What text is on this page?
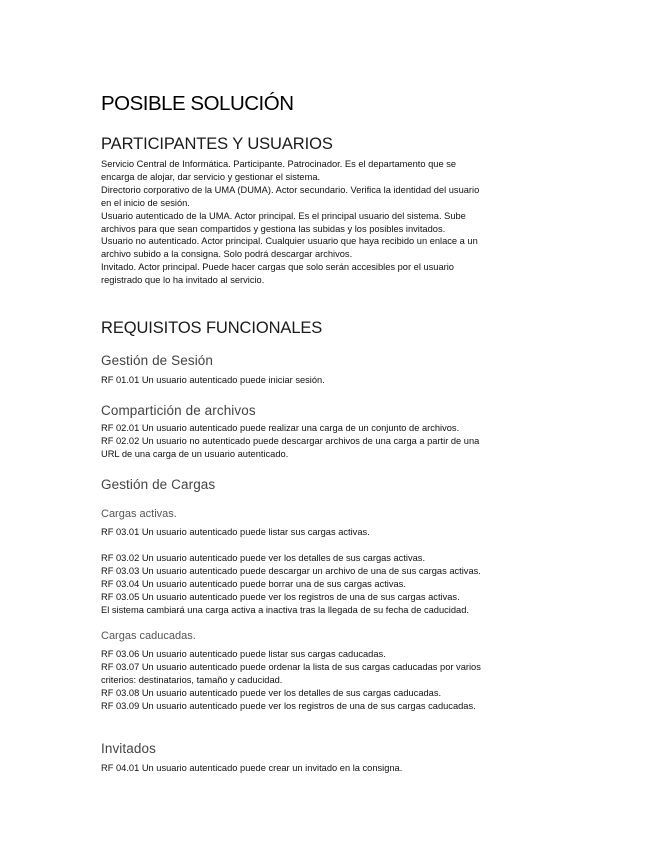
POSIBLE SOLUCIÓN
PARTICIPANTES Y USUARIOS
Servicio Central de Informática. Participante. Patrocinador. Es el departamento que se
encarga de alojar, dar servicio y gestionar el sistema.
Directorio corporativo de la UMA (DUMA). Actor secundario. Verifica la identidad del usuario
en el inicio de sesión.
Usuario autenticado de la UMA. Actor principal. Es el principal usuario del sistema. Sube
archivos para que sean compartidos y gestiona las subidas y los posibles invitados.
Usuario no autenticado. Actor principal. Cualquier usuario que haya recibido un enlace a un
archivo subido a la consigna. Solo podrá descargar archivos.
Invitado. Actor principal. Puede hacer cargas que solo serán accesibles por el usuario
registrado que lo ha invitado al servicio.
REQUISITOS FUNCIONALES
Gestión de Sesión
RF 01.01 Un usuario autenticado puede iniciar sesión.
Compartición de archivos
RF 02.01 Un usuario autenticado puede realizar una carga de un conjunto de archivos.
RF 02.02 Un usuario no autenticado puede descargar archivos de una carga a partir de una
URL de una carga de un usuario autenticado.
Gestión de Cargas
Cargas activas.
RF 03.01 Un usuario autenticado puede listar sus cargas activas.
RF 03.02 Un usuario autenticado puede ver los detalles de sus cargas activas.
RF 03.03 Un usuario autenticado puede descargar un archivo de una de sus cargas activas.
RF 03.04 Un usuario autenticado puede borrar una de sus cargas activas.
RF 03.05 Un usuario autenticado puede ver los registros de una de sus cargas activas.
El sistema cambiará una carga activa a inactiva tras la llegada de su fecha de caducidad.
Cargas caducadas.
RF 03.06 Un usuario autenticado puede listar sus cargas caducadas.
RF 03.07 Un usuario autenticado puede ordenar la lista de sus cargas caducadas por varios
criterios: destinatarios, tamaño y caducidad.
RF 03.08 Un usuario autenticado puede ver los detalles de sus cargas caducadas.
RF 03.09 Un usuario autenticado puede ver los registros de una de sus cargas caducadas.
Invitados
RF 04.01 Un usuario autenticado puede crear un invitado en la consigna.
